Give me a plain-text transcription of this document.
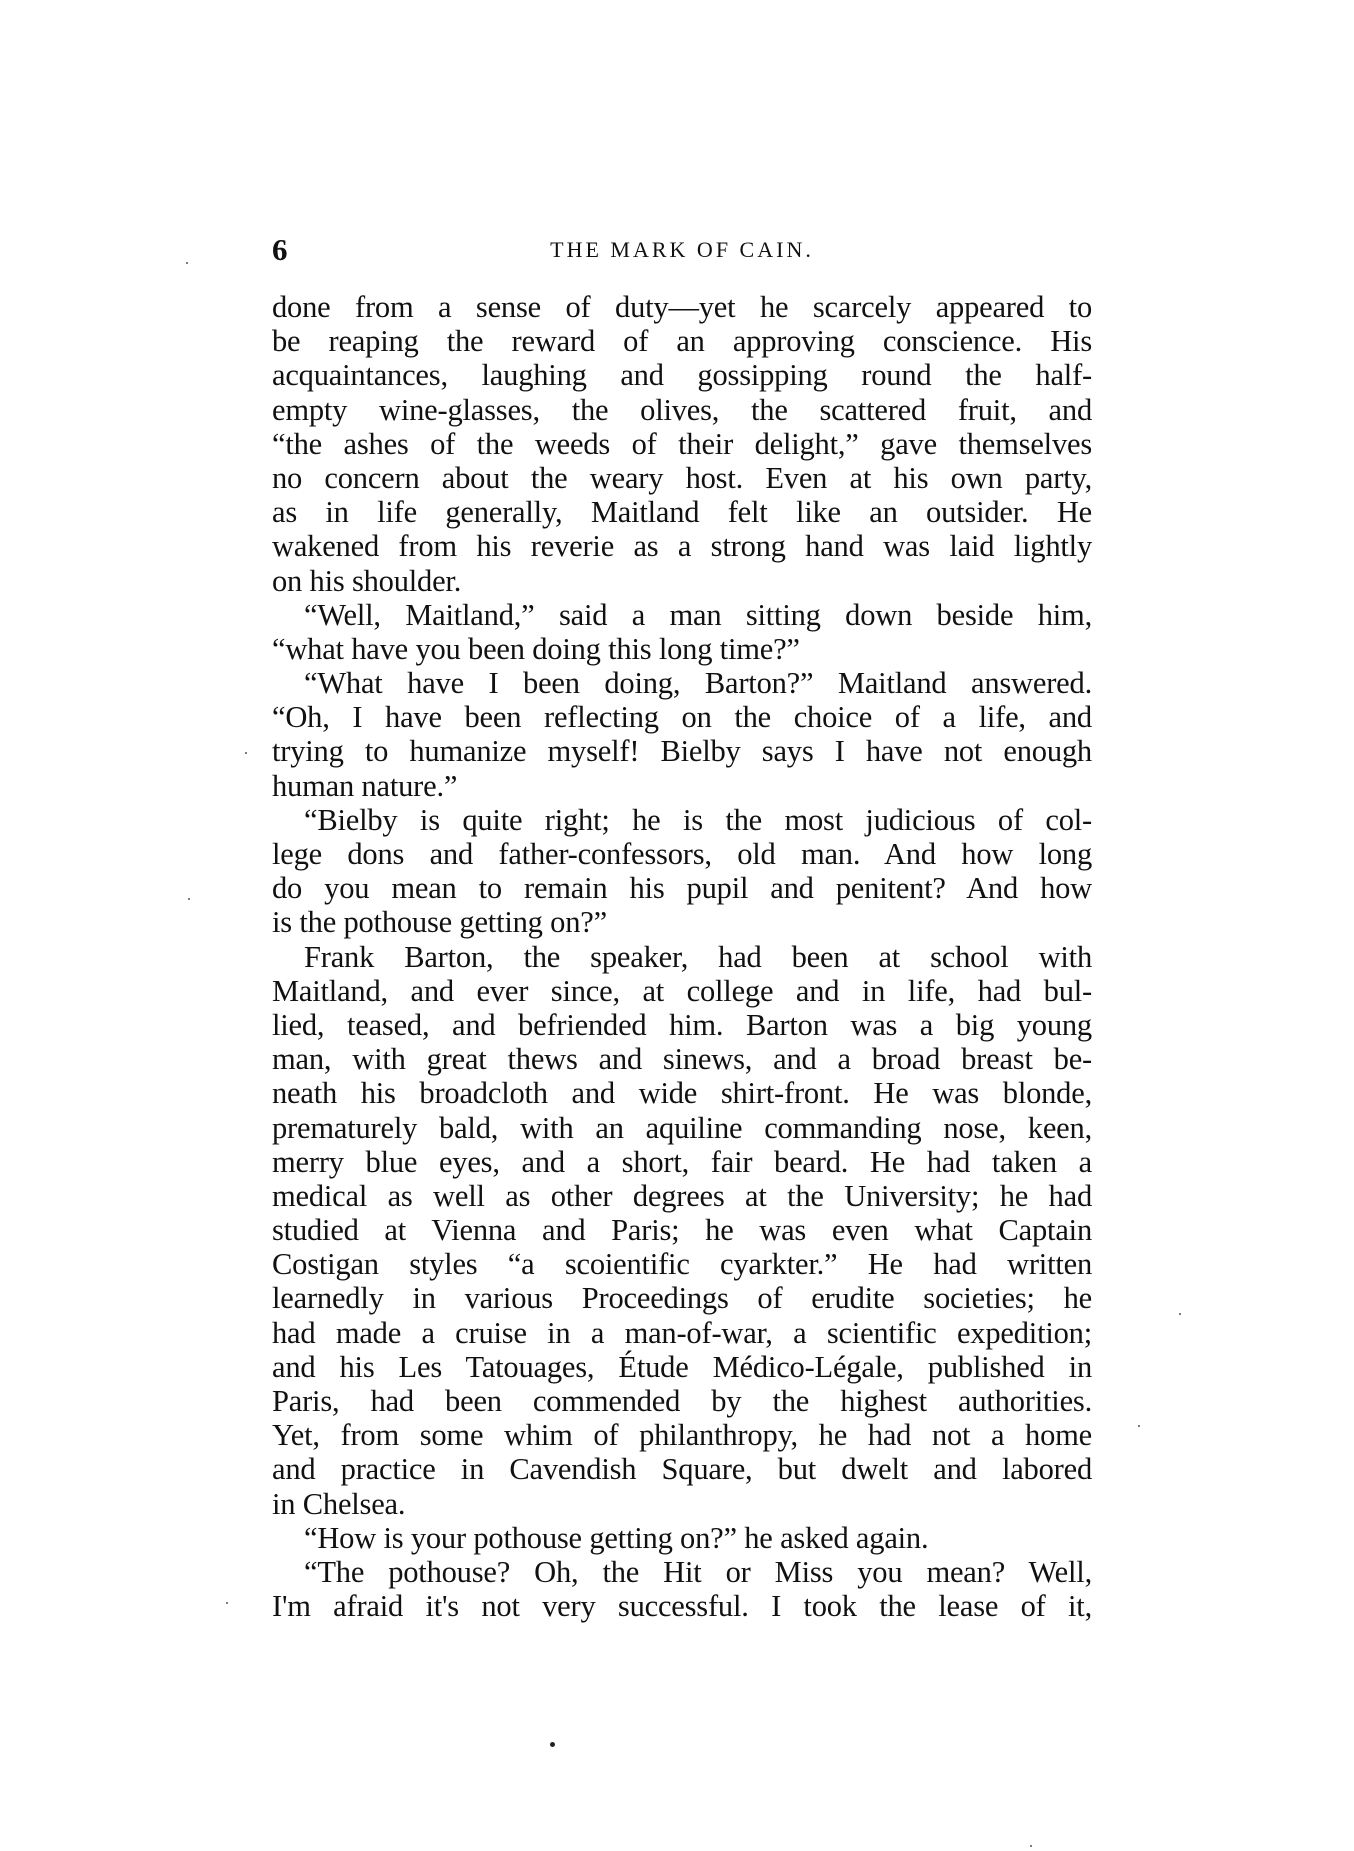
6	THE MARK OF CAIN.
done from a sense of duty—yet he scarcely appeared to
be reaping the reward of an approving conscience. His
acquaintances, laughing and gossipping round the half-
empty wine-glasses, the olives, the scattered fruit, and
“the ashes of the weeds of their delight,” gave themselves
no concern about the weary host. Even at his own party,
as in life generally, Maitland felt like an outsider. He
wakened from his reverie as a strong hand was laid lightly
on his shoulder.
“Well, Maitland,” said a man sitting down beside him,
“what have you been doing this long time?”
“What have I been doing, Barton?” Maitland answered.
“Oh, I have been reflecting on the choice of a life, and
trying to humanize myself! Bielby says I have not enough
human nature.”
“Bielby is quite right; he is the most judicious of col-
lege dons and father-confessors, old man. And how long
do you mean to remain his pupil and penitent? And how
is the pothouse getting on?”
Frank Barton, the speaker, had been at school with
Maitland, and ever since, at college and in life, had bul-
lied, teased, and befriended him. Barton was a big young
man, with great thews and sinews, and a broad breast be-
neath his broadcloth and wide shirt-front. He was blonde,
prematurely bald, with an aquiline commanding nose, keen,
merry blue eyes, and a short, fair beard. He had taken a
medical as well as other degrees at the University; he had
studied at Vienna and Paris; he was even what Captain
Costigan styles “a scoientific cyarkter.” He had written
learnedly in various Proceedings of erudite societies; he
had made a cruise in a man-of-war, a scientific expedition;
and his Les Tatouages, Étude Médico-Légale, published in
Paris, had been commended by the highest authorities.
Yet, from some whim of philanthropy, he had not a home
and practice in Cavendish Square, but dwelt and labored
in Chelsea.
“How is your pothouse getting on?” he asked again.
“The pothouse? Oh, the Hit or Miss you mean? Well,
I'm afraid it's not very successful. I took the lease of it,
